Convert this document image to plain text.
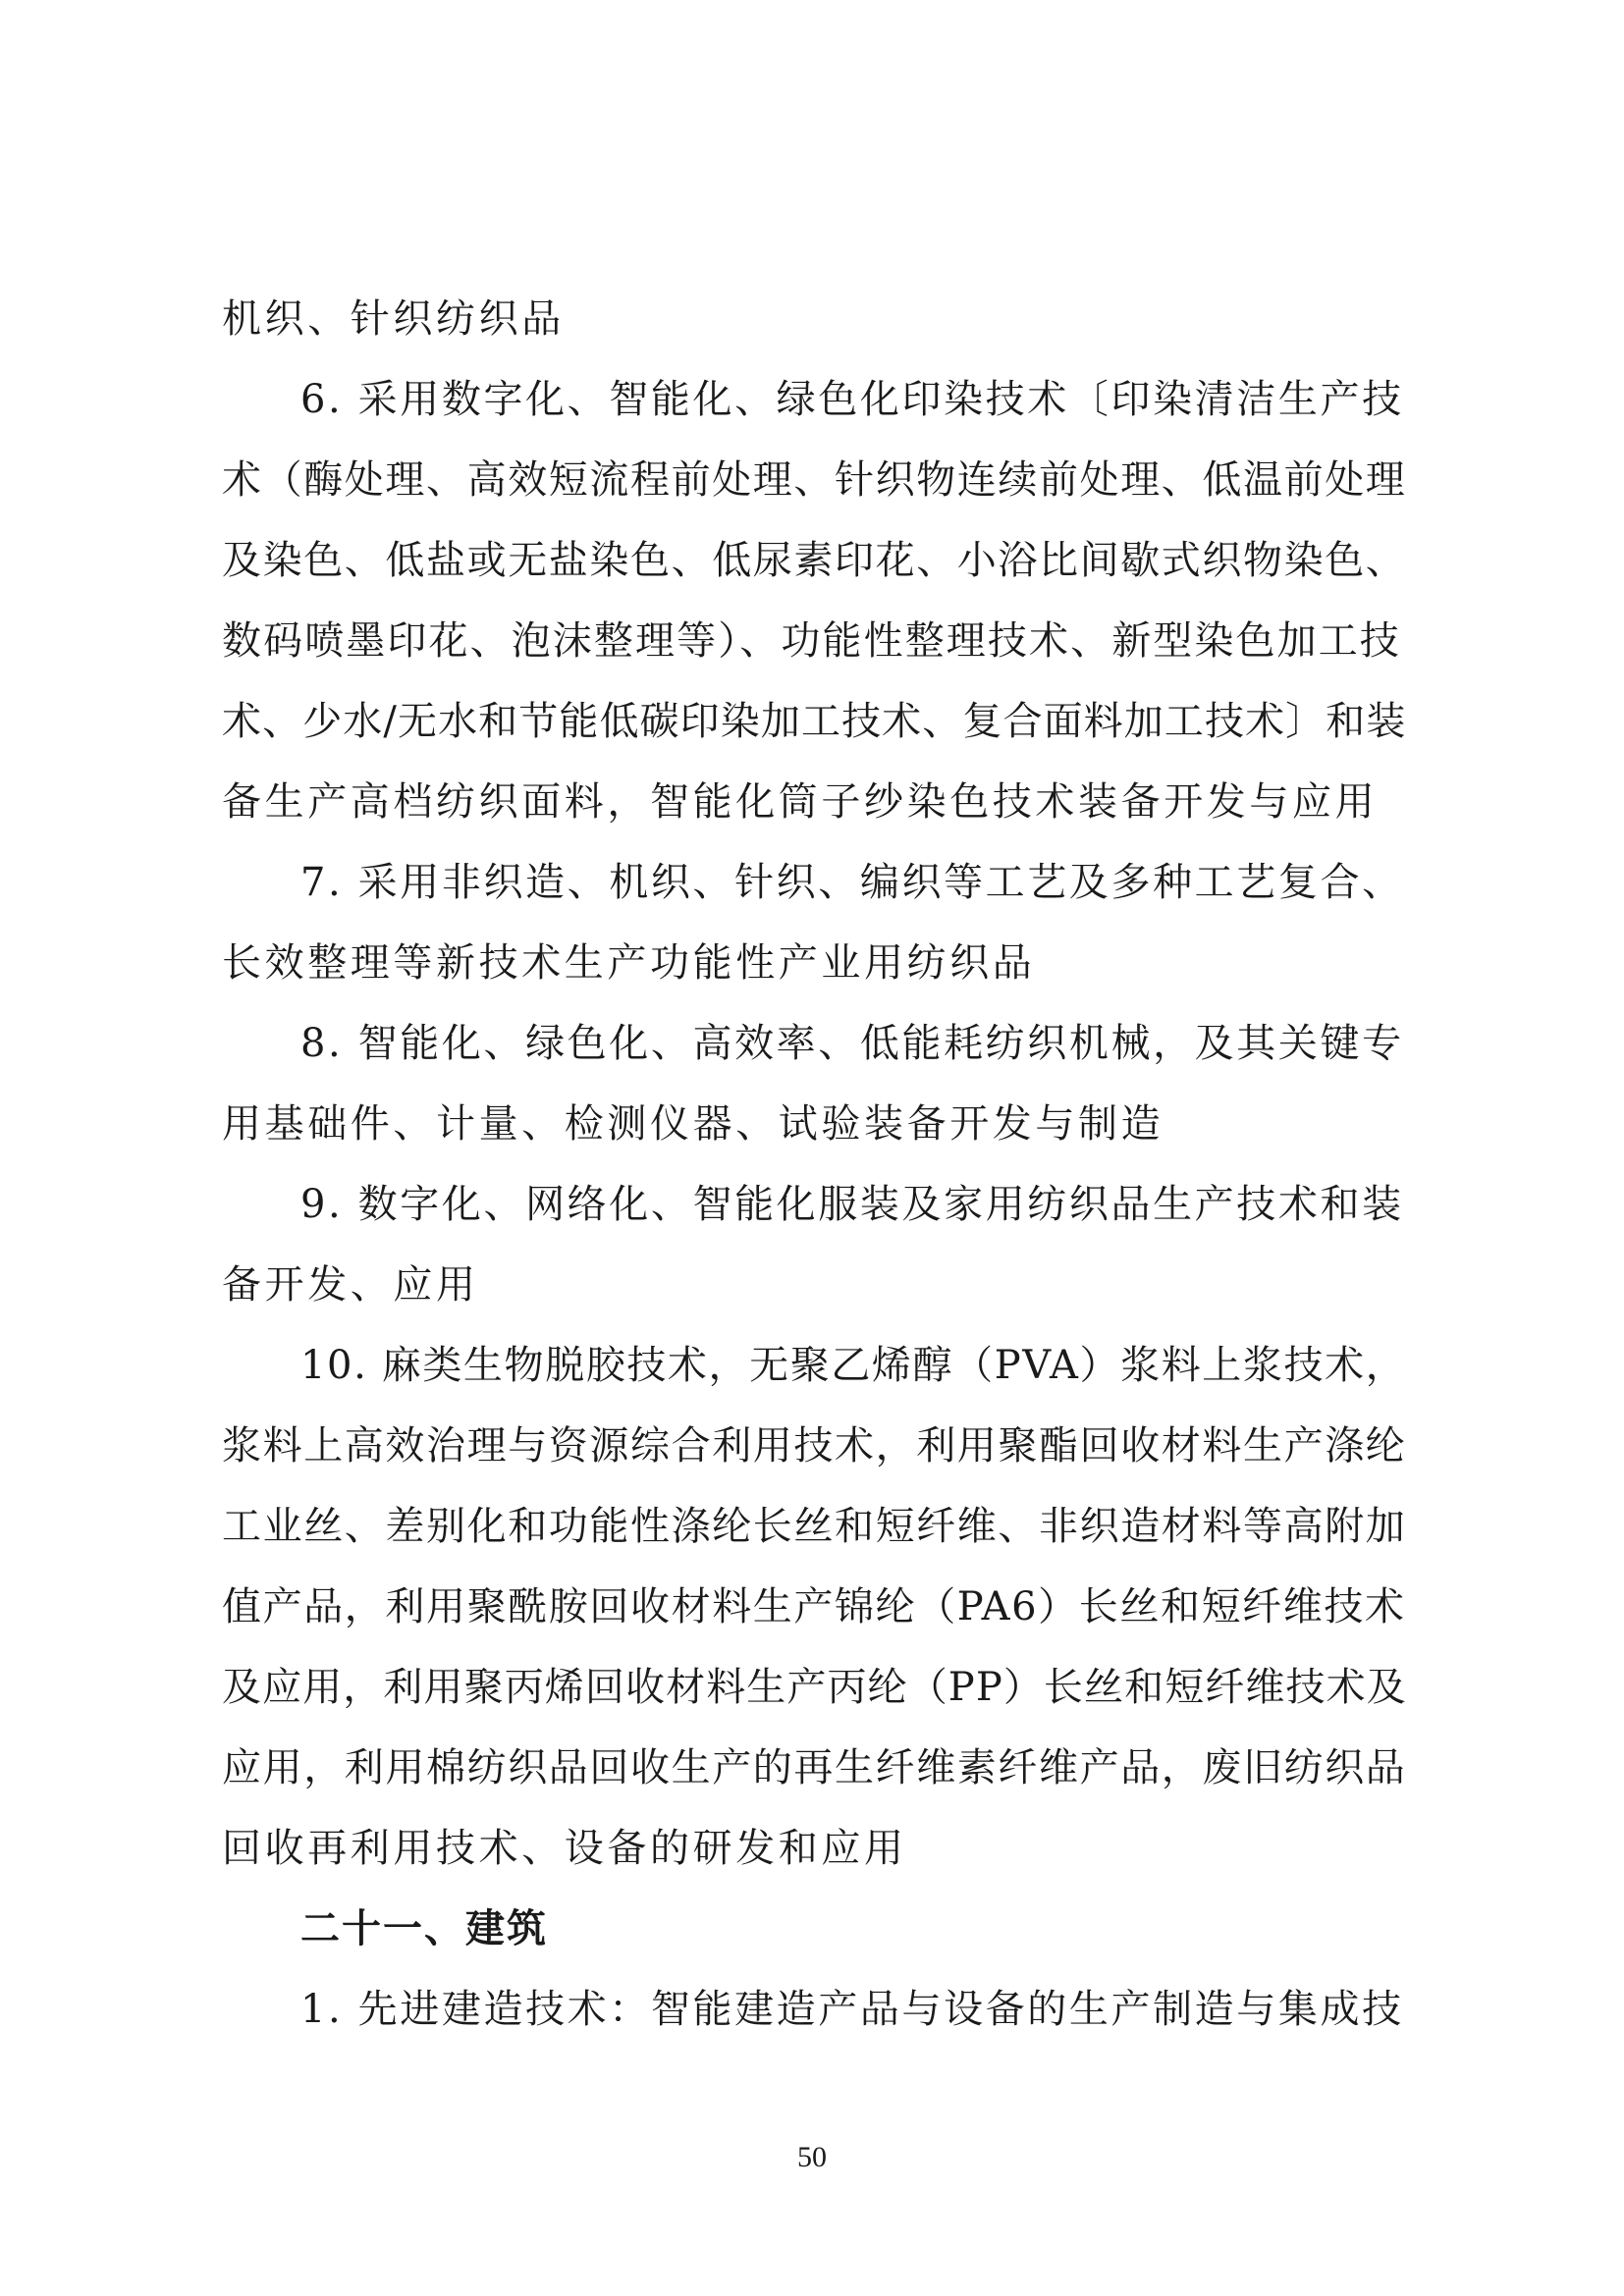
机织、针织纺织品
6. 采用数字化、智能化、绿色化印染技术〔印染清洁生产技
术（酶处理、高效短流程前处理、针织物连续前处理、低温前处理
及染色、低盐或无盐染色、低尿素印花、小浴比间歇式织物染色、
数码喷墨印花、泡沫整理等）、功能性整理技术、新型染色加工技
术、少水/无水和节能低碳印染加工技术、复合面料加工技术〕和装
备生产高档纺织面料，智能化筒子纱染色技术装备开发与应用
7. 采用非织造、机织、针织、编织等工艺及多种工艺复合、
长效整理等新技术生产功能性产业用纺织品
8. 智能化、绿色化、高效率、低能耗纺织机械，及其关键专
用基础件、计量、检测仪器、试验装备开发与制造
9. 数字化、网络化、智能化服装及家用纺织品生产技术和装
备开发、应用
10. 麻类生物脱胶技术，无聚乙烯醇（PVA）浆料上浆技术，
浆料上高效治理与资源综合利用技术，利用聚酯回收材料生产涤纶
工业丝、差别化和功能性涤纶长丝和短纤维、非织造材料等高附加
值产品，利用聚酰胺回收材料生产锦纶（PA6）长丝和短纤维技术
及应用，利用聚丙烯回收材料生产丙纶（PP）长丝和短纤维技术及
应用，利用棉纺织品回收生产的再生纤维素纤维产品，废旧纺织品
回收再利用技术、设备的研发和应用
二十一、建筑
1. 先进建造技术：智能建造产品与设备的生产制造与集成技
50
